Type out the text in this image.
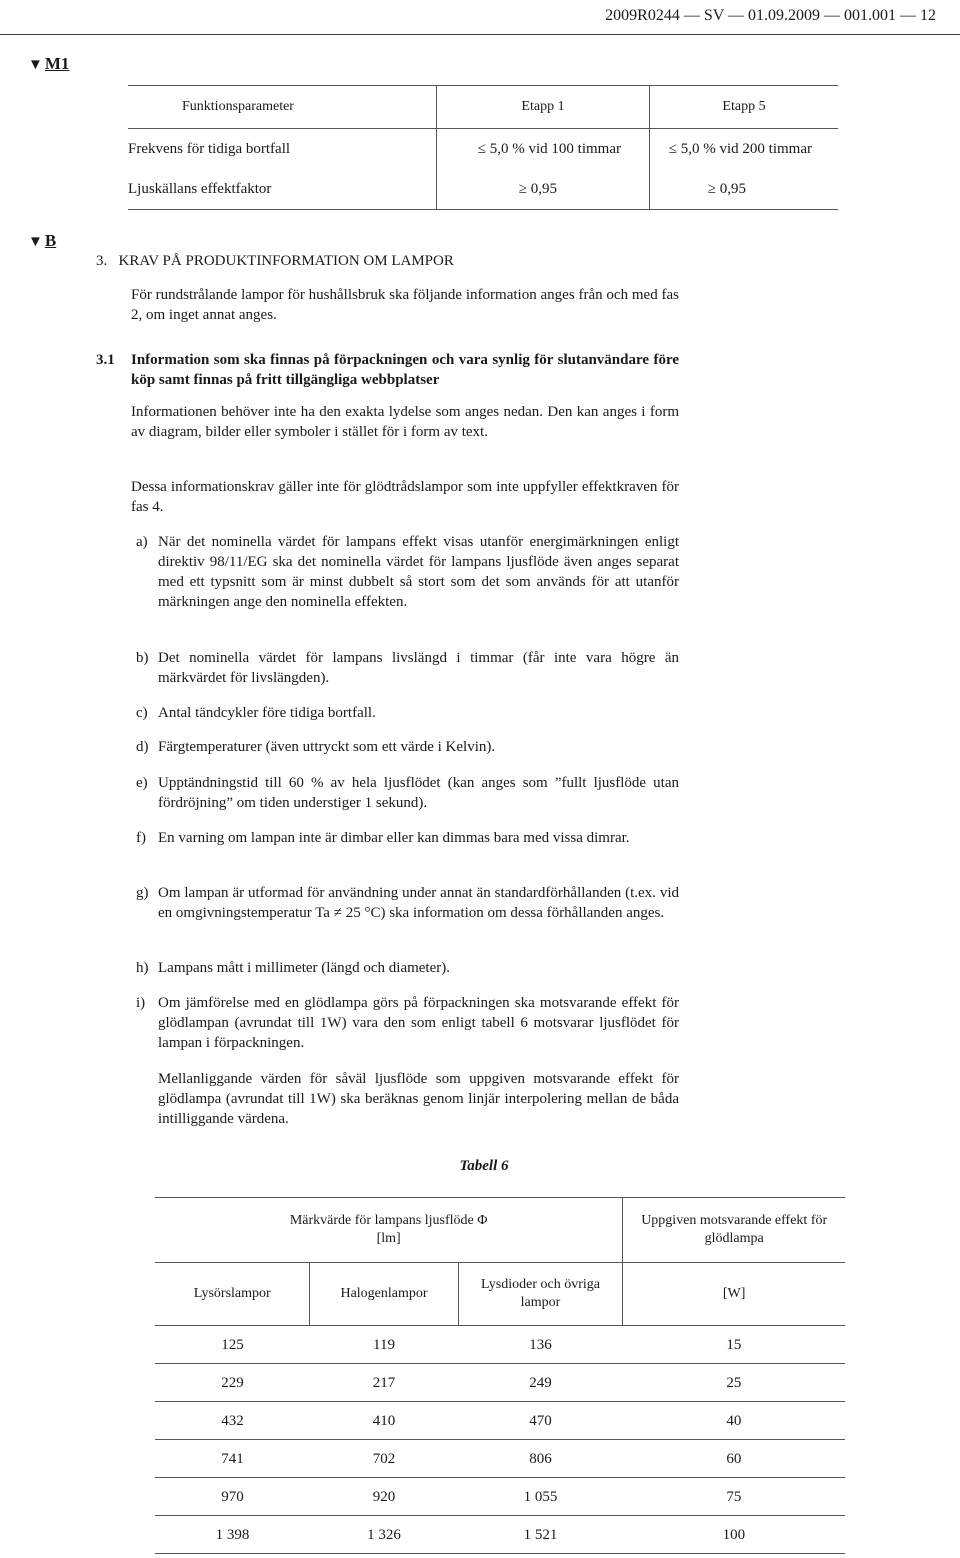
2009R0244 — SV — 01.09.2009 — 001.001 — 12
▼ M1
Funktionsparameter	Etapp 1	Etapp 5
Frekvens för tidiga bortfall	≤ 5,0 % vid 100 timmar	≤ 5,0 % vid 200 timmar
Ljuskällans effektfaktor	≥ 0,95	≥ 0,95
▼ B
3.   KRAV PÅ PRODUKTINFORMATION OM LAMPOR
För rundstrålande lampor för hushållsbruk ska följande information anges från och med fas 2, om inget annat anges.
3.1 Information som ska finnas på förpackningen och vara synlig för slutanvändare före köp samt finnas på fritt tillgängliga webbplatser
Informationen behöver inte ha den exakta lydelse som anges nedan. Den kan anges i form av diagram, bilder eller symboler i stället för i form av text.
Dessa informationskrav gäller inte för glödtrådslampor som inte uppfyller effektkraven för fas 4.
a) När det nominella värdet för lampans effekt visas utanför energimärkningen enligt direktiv 98/11/EG ska det nominella värdet för lampans ljusflöde även anges separat med ett typsnitt som är minst dubbelt så stort som det som används för att utanför märkningen ange den nominella effekten.
b) Det nominella värdet för lampans livslängd i timmar (får inte vara högre än märkvärdet för livslängden).
c) Antal tändcykler före tidiga bortfall.
d) Färgtemperaturer (även uttryckt som ett värde i Kelvin).
e) Upptändningstid till 60 % av hela ljusflödet (kan anges som ”fullt ljusflöde utan fördröjning” om tiden understiger 1 sekund).
f) En varning om lampan inte är dimbar eller kan dimmas bara med vissa dimrar.
g) Om lampan är utformad för användning under annat än standardförhållanden (t.ex. vid en omgivningstemperatur Ta ≠ 25 °C) ska information om dessa förhållanden anges.
h) Lampans mått i millimeter (längd och diameter).
i) Om jämförelse med en glödlampa görs på förpackningen ska motsvarande effekt för glödlampan (avrundat till 1W) vara den som enligt tabell 6 motsvarar ljusflödet för lampan i förpackningen.
Mellanliggande värden för såväl ljusflöde som uppgiven motsvarande effekt för glödlampa (avrundat till 1W) ska beräknas genom linjär interpolering mellan de båda intilliggande värdena.
Tabell 6
Märkvärde för lampans ljusflöde Φ [lm]			Uppgiven motsvarande effekt för glödlampa
Lysörslampor	Halogenlampor	Lysdioder och övriga lampor	[W]
125	119	136	15
229	217	249	25
432	410	470	40
741	702	806	60
970	920	1 055	75
1 398	1 326	1 521	100
